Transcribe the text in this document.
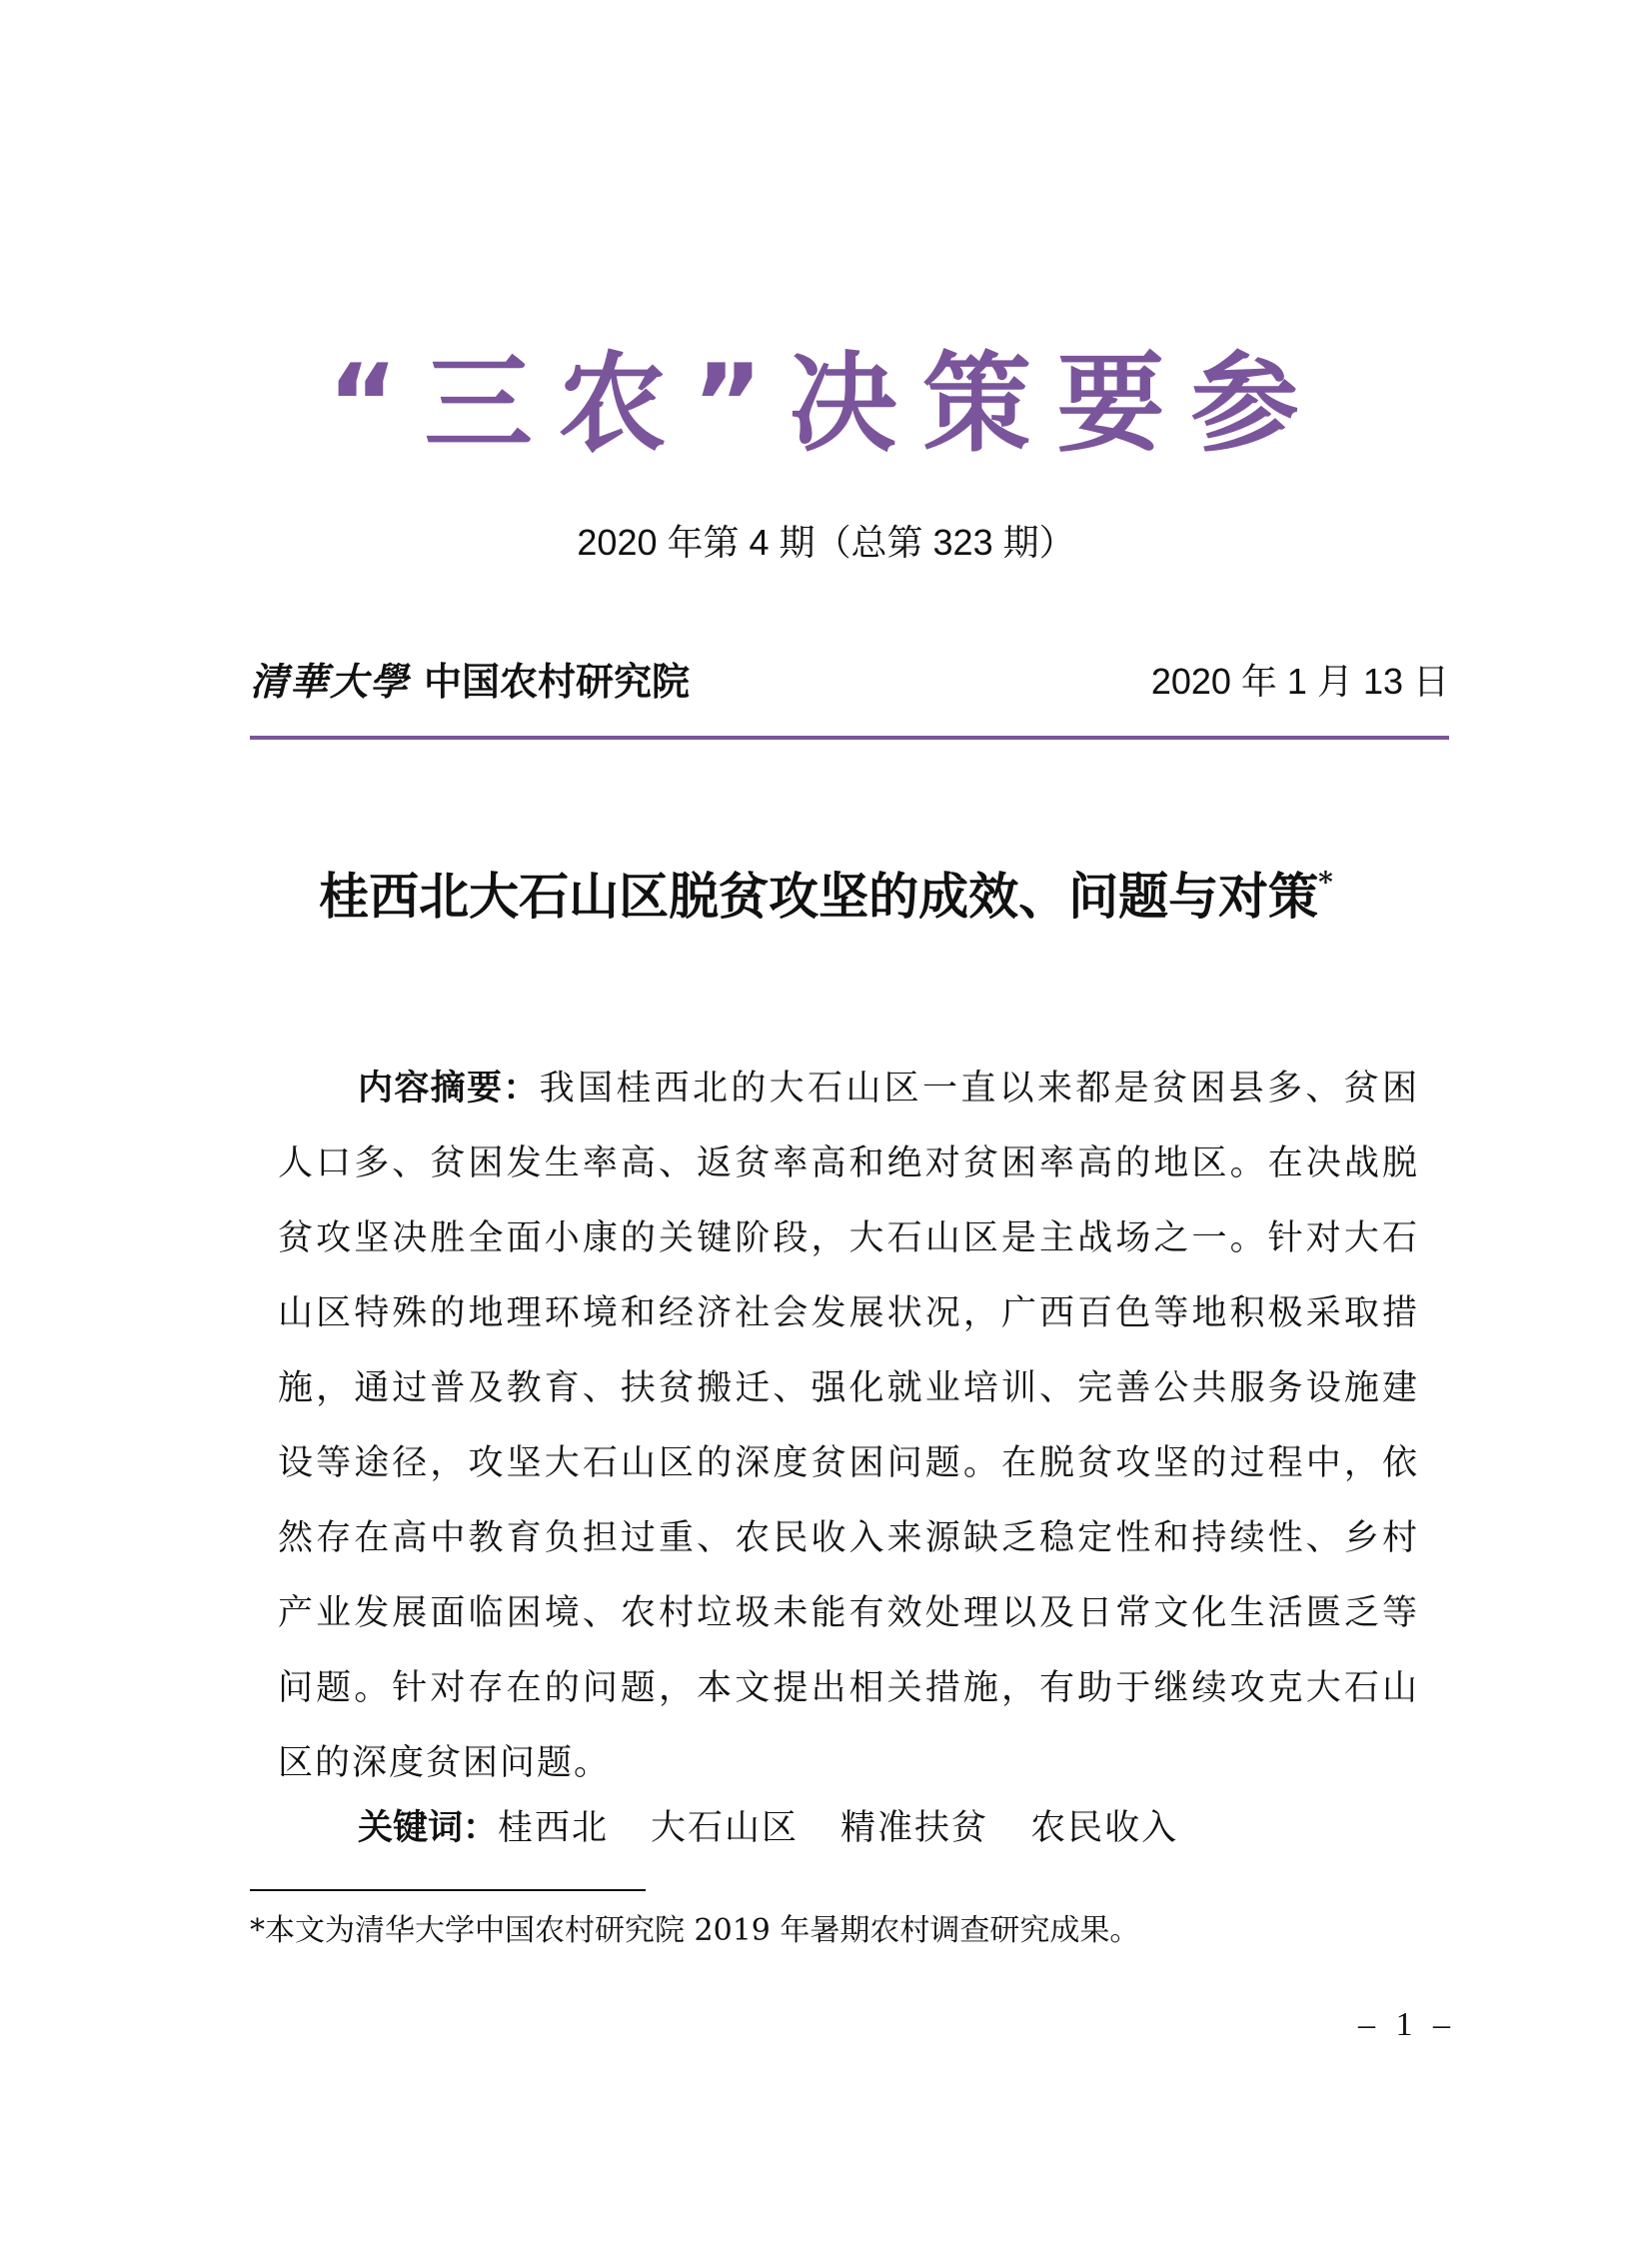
“三农”决策要参
2020 年第 4 期（总第 323 期）
清華大學 中国农村研究院	2020 年 1 月 13 日
桂西北大石山区脱贫攻坚的成效、问题与对策*

内容摘要：我国桂西北的大石山区一直以来都是贫困县多、贫困人口多、贫困发生率高、返贫率高和绝对贫困率高的地区。在决战脱贫攻坚决胜全面小康的关键阶段，大石山区是主战场之一。针对大石山区特殊的地理环境和经济社会发展状况，广西百色等地积极采取措施，通过普及教育、扶贫搬迁、强化就业培训、完善公共服务设施建设等途径，攻坚大石山区的深度贫困问题。在脱贫攻坚的过程中，依然存在高中教育负担过重、农民收入来源缺乏稳定性和持续性、乡村产业发展面临困境、农村垃圾未能有效处理以及日常文化生活匮乏等问题。针对存在的问题，本文提出相关措施，有助于继续攻克大石山区的深度贫困问题。

关键词：桂西北 大石山区 精准扶贫 农民收入
*本文为清华大学中国农村研究院 2019 年暑期农村调查研究成果。
– 1 –
